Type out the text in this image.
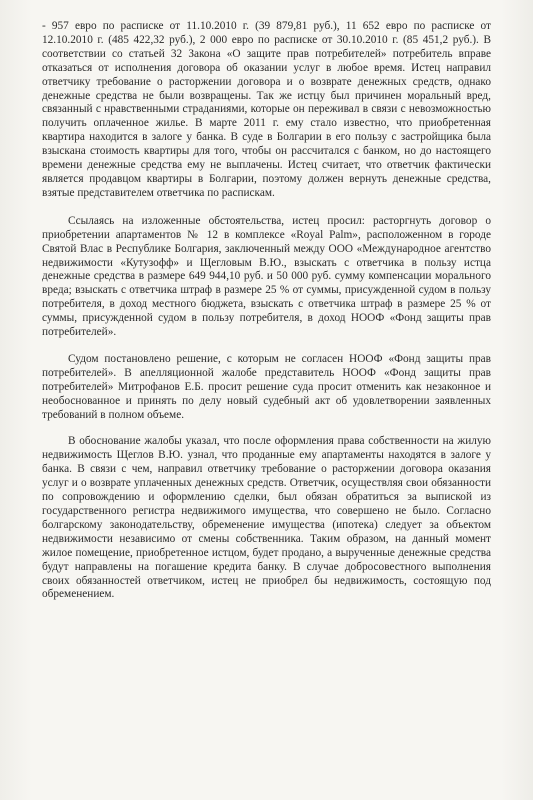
- 957 евро по расписке от 11.10.2010 г. (39 879,81 руб.), 11 652 евро по расписке от 12.10.2010 г. (485 422,32 руб.), 2 000 евро по расписке от 30.10.2010 г. (85 451,2 руб.). В соответствии со статьей 32 Закона «О защите прав потребителей» потребитель вправе отказаться от исполнения договора об оказании услуг в любое время. Истец направил ответчику требование о расторжении договора и о возврате денежных средств, однако денежные средства не были возвращены. Так же истцу был причинен моральный вред, связанный с нравственными страданиями, которые он переживал в связи с невозможностью получить оплаченное жилье. В марте 2011 г. ему стало известно, что приобретенная квартира находится в залоге у банка. В суде в Болгарии в его пользу с застройщика была взыскана стоимость квартиры для того, чтобы он рассчитался с банком, но до настоящего времени денежные средства ему не выплачены. Истец считает, что ответчик фактически является продавцом квартиры в Болгарии, поэтому должен вернуть денежные средства, взятые представителем ответчика по распискам.

Ссылаясь на изложенные обстоятельства, истец просил: расторгнуть договор о приобретении апартаментов № 12 в комплексе «Royal Palm», расположенном в городе Святой Влас в Республике Болгария, заключенный между ООО «Международное агентство недвижимости «Кутузофф» и Щегловым В.Ю., взыскать с ответчика в пользу истца денежные средства в размере 649 944,10 руб. и 50 000 руб. сумму компенсации морального вреда; взыскать с ответчика штраф в размере 25 % от суммы, присужденной судом в пользу потребителя, в доход местного бюджета, взыскать с ответчика штраф в размере 25 % от суммы, присужденной судом в пользу потребителя, в доход НООФ «Фонд защиты прав потребителей».

Судом постановлено решение, с которым не согласен НООФ «Фонд защиты прав потребителей». В апелляционной жалобе представитель НООФ «Фонд защиты прав потребителей» Митрофанов Е.Б. просит решение суда просит отменить как незаконное и необоснованное и принять по делу новый судебный акт об удовлетворении заявленных требований в полном объеме.

В обоснование жалобы указал, что после оформления права собственности на жилую недвижимость Щеглов В.Ю. узнал, что проданные ему апартаменты находятся в залоге у банка. В связи с чем, направил ответчику требование о расторжении договора оказания услуг и о возврате уплаченных денежных средств. Ответчик, осуществляя свои обязанности по сопровождению и оформлению сделки, был обязан обратиться за выпиской из государственного регистра недвижимого имущества, что совершено не было. Согласно болгарскому законодательству, обременение имущества (ипотека) следует за объектом недвижимости независимо от смены собственника. Таким образом, на данный момент жилое помещение, приобретенное истцом, будет продано, а вырученные денежные средства будут направлены на погашение кредита банку. В случае добросовестного выполнения своих обязанностей ответчиком, истец не приобрел бы недвижимость, состоящую под обременением.
